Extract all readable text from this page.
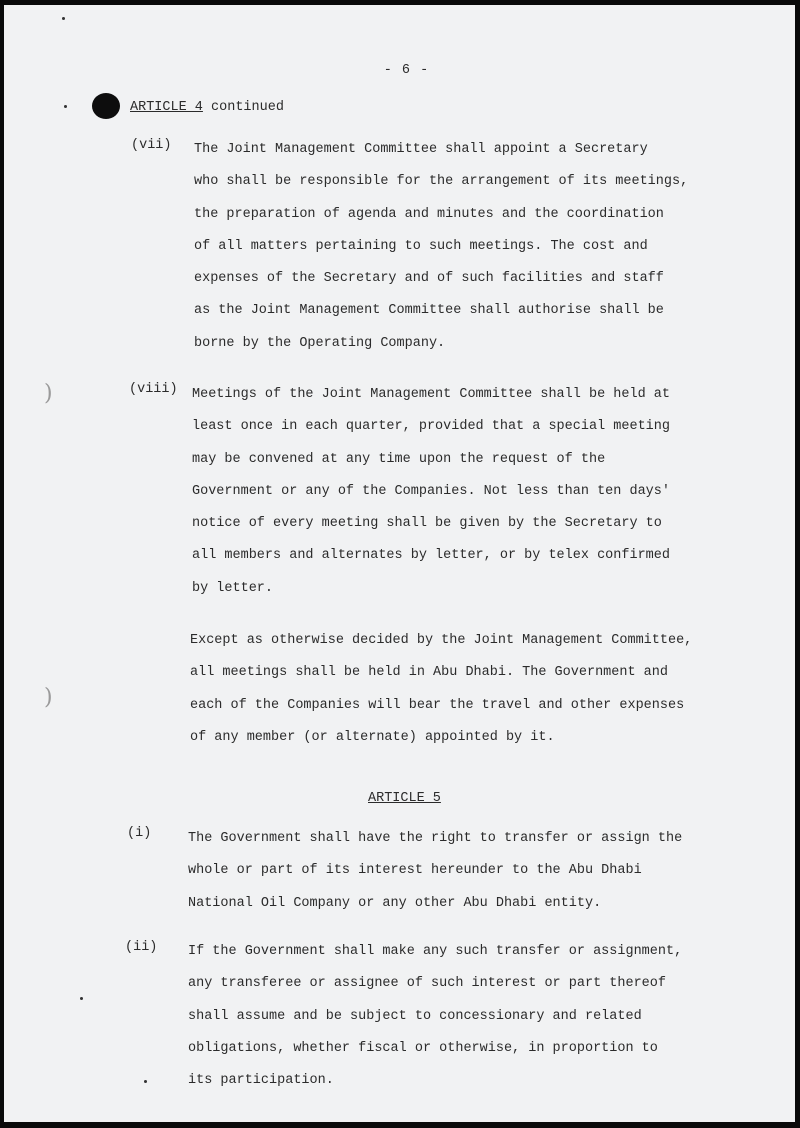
)
)
- 6 -
ARTICLE 4 continued
(vii) The Joint Management Committee shall appoint a Secretary
who shall be responsible for the arrangement of its meetings,
the preparation of agenda and minutes and the coordination
of all matters pertaining to such meetings. The cost and
expenses of the Secretary and of such facilities and staff
as the Joint Management Committee shall authorise shall be
borne by the Operating Company.
(viii) Meetings of the Joint Management Committee shall be held at
least once in each quarter, provided that a special meeting
may be convened at any time upon the request of the
Government or any of the Companies. Not less than ten days'
notice of every meeting shall be given by the Secretary to
all members and alternates by letter, or by telex confirmed
by letter.
Except as otherwise decided by the Joint Management Committee,
all meetings shall be held in Abu Dhabi. The Government and
each of the Companies will bear the travel and other expenses
of any member (or alternate) appointed by it.
ARTICLE 5
(i)	The Government shall have the right to transfer or assign the
whole or part of its interest hereunder to the Abu Dhabi
National Oil Company or any other Abu Dhabi entity.
(ii) If the Government shall make any such transfer or assignment,
any transferee or assignee of such interest or part thereof
shall assume and be subject to concessionary and related
obligations, whether fiscal or otherwise, in proportion to
its participation.
